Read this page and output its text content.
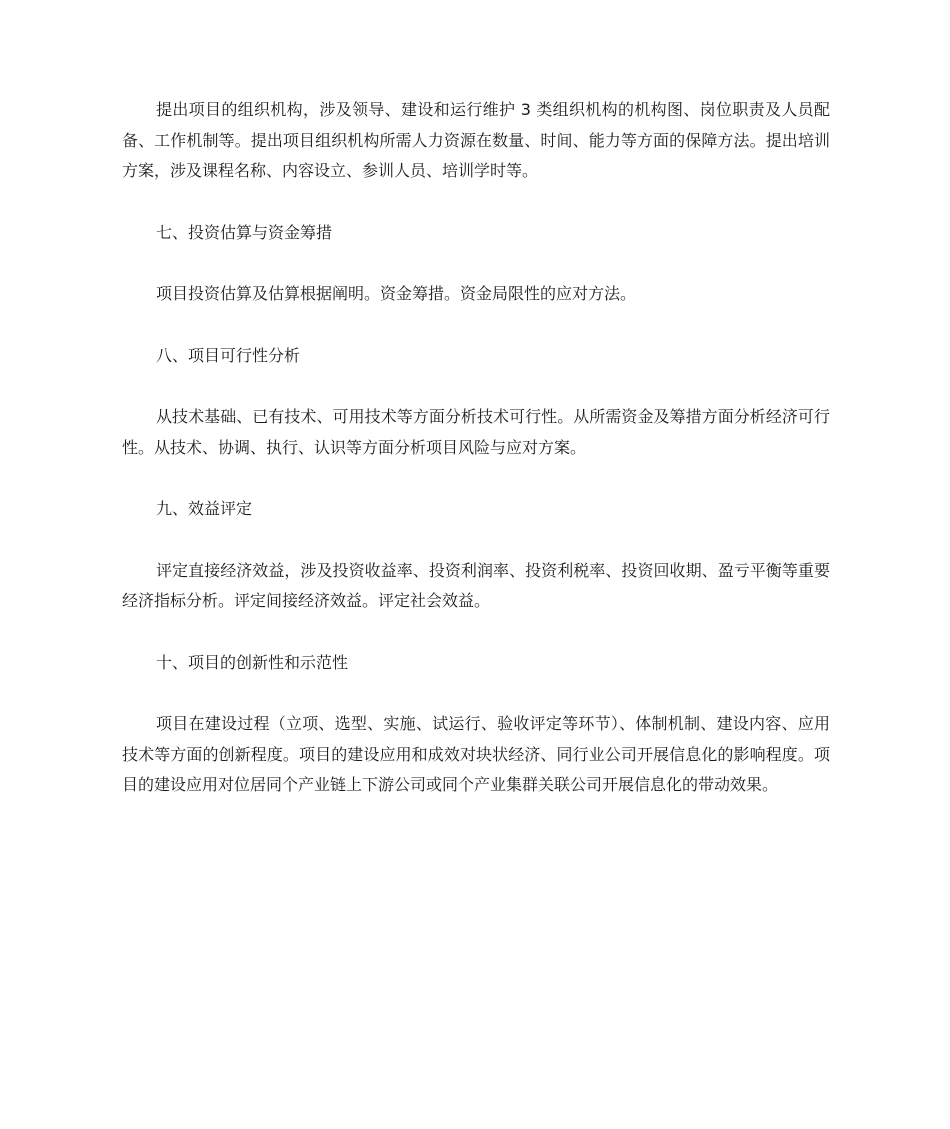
提出项目的组织机构，涉及领导、建设和运行维护 3 类组织机构的机构图、岗位职责及人员配备、工作机制等。提出项目组织机构所需人力资源在数量、时间、能力等方面的保障方法。提出培训方案，涉及课程名称、内容设立、参训人员、培训学时等。

七、投资估算与资金筹措

项目投资估算及估算根据阐明。资金筹措。资金局限性的应对方法。

八、项目可行性分析

从技术基础、已有技术、可用技术等方面分析技术可行性。从所需资金及筹措方面分析经济可行性。从技术、协调、执行、认识等方面分析项目风险与应对方案。

九、效益评定

评定直接经济效益，涉及投资收益率、投资利润率、投资利税率、投资回收期、盈亏平衡等重要经济指标分析。评定间接经济效益。评定社会效益。

十、项目的创新性和示范性

项目在建设过程（立项、选型、实施、试运行、验收评定等环节）、体制机制、建设内容、应用技术等方面的创新程度。项目的建设应用和成效对块状经济、同行业公司开展信息化的影响程度。项目的建设应用对位居同个产业链上下游公司或同个产业集群关联公司开展信息化的带动效果。
